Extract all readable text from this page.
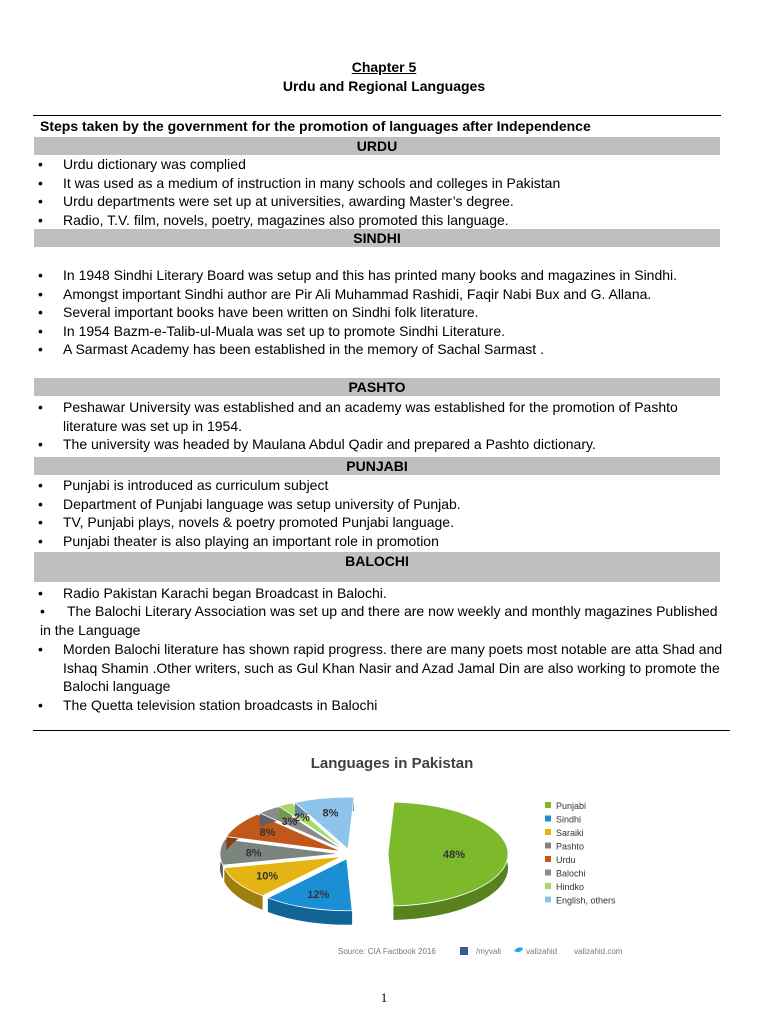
Chapter 5
Urdu and Regional Languages
Steps taken by the government for the promotion of languages after Independence
URDU
• Urdu dictionary was complied
• It was used as a medium of instruction in many schools and colleges in Pakistan
• Urdu departments were set up at universities, awarding Master’s degree.
• Radio, T.V. film, novels, poetry, magazines also promoted this language.
SINDHI
• In 1948 Sindhi Literary Board was setup and this has printed many books and magazines in Sindhi.
• Amongst important Sindhi author are Pir Ali Muhammad Rashidi, Faqir Nabi Bux and G. Allana.
• Several important books have been written on Sindhi folk literature.
• In 1954 Bazm-e-Talib-ul-Muala was set up to promote Sindhi Literature.
• A Sarmast Academy has been established in the memory of Sachal Sarmast .
PASHTO
• Peshawar University was established and an academy was established for the promotion of Pashto literature was set up in 1954.
• The university was headed by Maulana Abdul Qadir and prepared a Pashto dictionary.
PUNJABI
• Punjabi is introduced as curriculum subject
• Department of Punjabi language was setup university of Punjab.
• TV, Punjabi plays, novels & poetry promoted Punjabi language.
• Punjabi theater is also playing an important role in promotion
BALOCHI
• Radio Pakistan Karachi began Broadcast in Balochi.
• The Balochi Literary Association was set up and there are now weekly and monthly magazines Published in the Language
• Morden Balochi literature has shown rapid progress. there are many poets most notable are atta Shad and Ishaq Shamin .Other writers, such as Gul Khan Nasir and Azad Jamal Din are also working to promote the Balochi language
• The Quetta television station broadcasts in Balochi
Languages in Pakistan
48%
12%
10%
8%
8%
3%
2% 8%
Punjabi
Sindhi
Saraiki
Pashto
Urdu
Balochi
Hindko
English, others
Source: CIA Factbook 2016	/myvali	valizahid valizahid.com
1
